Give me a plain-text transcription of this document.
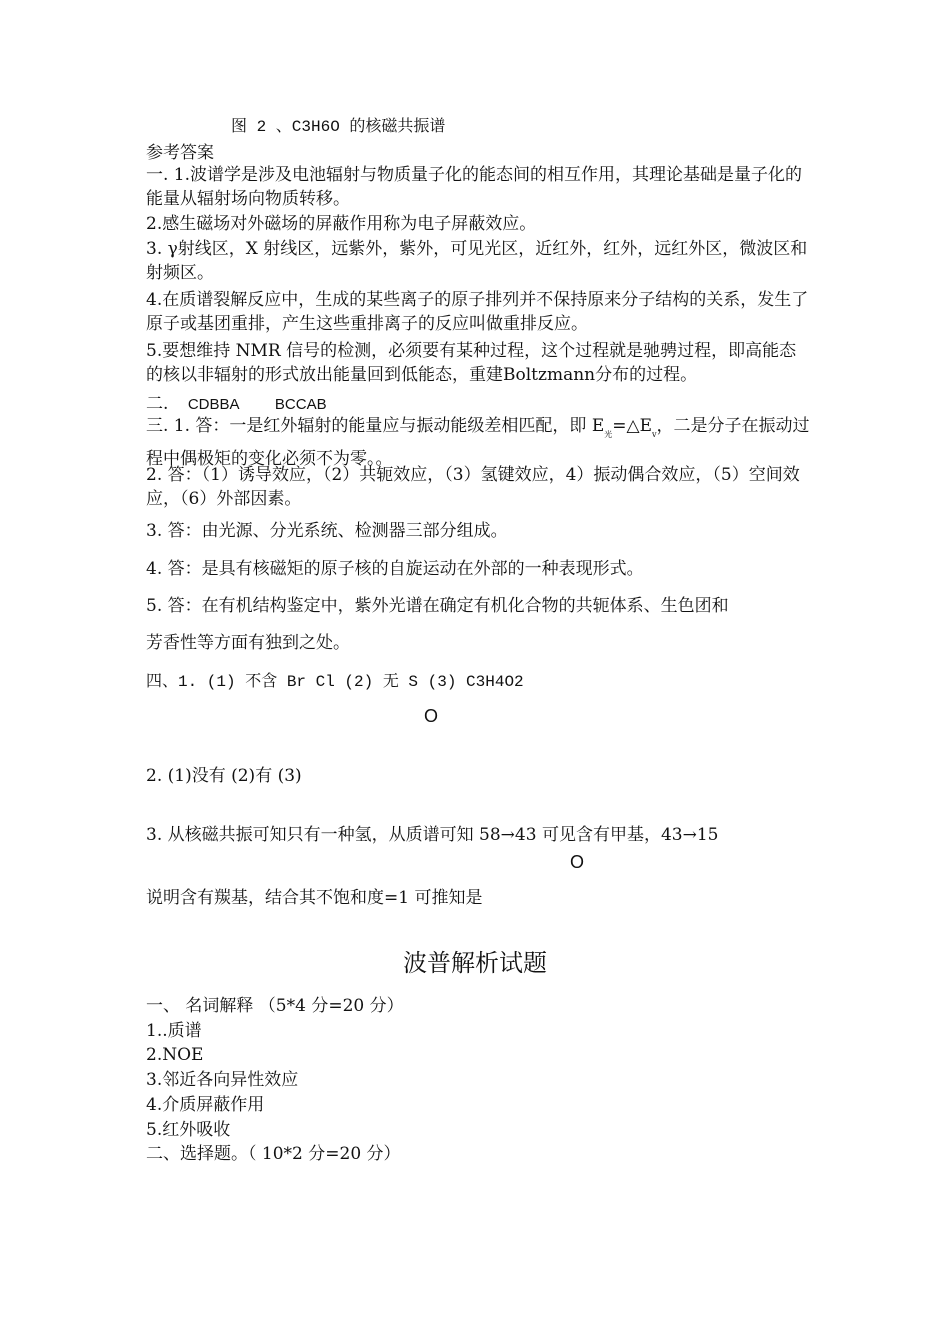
图 2 、C3H6O 的核磁共振谱
参考答案
一. 1.波谱学是涉及电池辐射与物质量子化的能态间的相互作用，其理论基础是量子化的能量从辐射场向物质转移。
2.感生磁场对外磁场的屏蔽作用称为电子屏蔽效应。
3. γ射线区，X 射线区，远紫外，紫外，可见光区，近红外，红外，远红外区，微波区和射频区。
4.在质谱裂解反应中，生成的某些离子的原子排列并不保持原来分子结构的关系，发生了原子或基团重排，产生这些重排离子的反应叫做重排反应。
5.要想维持 NMR 信号的检测，必须要有某种过程，这个过程就是驰骋过程，即高能态的核以非辐射的形式放出能量回到低能态，重建Boltzmann分布的过程。
二. CDBBA BCCAB
三. 1. 答：一是红外辐射的能量应与振动能级差相匹配，即 $E_光=\triangle E_v$，二是分子在振动过程中偶极矩的变化必须不为零。。
2. 答：（1）诱导效应，（2）共轭效应，（3）氢键效应，4）振动偶合效应，（5）空间效应，（6）外部因素。
3. 答：由光源、分光系统、检测器三部分组成。
4. 答：是具有核磁矩的原子核的自旋运动在外部的一种表现形式。
5. 答：在有机结构鉴定中，紫外光谱在确定有机化合物的共轭体系、生色团和
芳香性等方面有独到之处。
四、1. (1) 不含 Br Cl (2) 无 S (3) C3H4O2
O
2. (1)没有 (2)有 (3)
3. 从核磁共振可知只有一种氢，从质谱可知 58→43 可见含有甲基，43→15
O
说明含有羰基，结合其不饱和度=1 可推知是
波普解析试题
一、 名词解释 （5*4 分=20 分）
1..质谱
2.NOE
3.邻近各向异性效应
4.介质屏蔽作用
5.红外吸收
二、选择题。（ 10*2 分=20 分）
